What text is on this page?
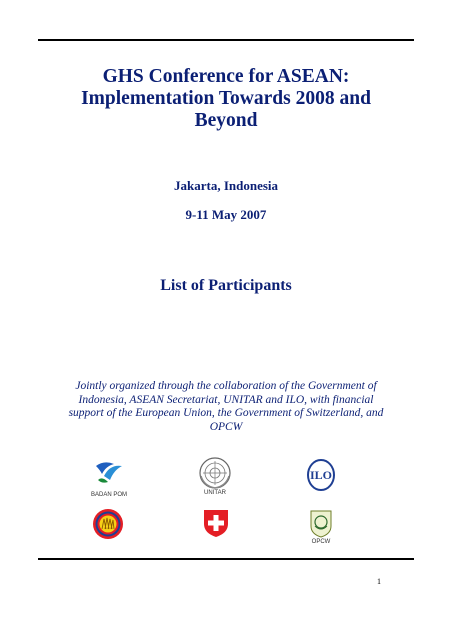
GHS Conference for ASEAN:
Implementation Towards 2008 and
Beyond
Jakarta, Indonesia
9-11 May 2007
List of Participants
Jointly organized through the collaboration of the Government of
Indonesia, ASEAN Secretariat, UNITAR and ILO, with financial
support of the European Union, the Government of Switzerland, and
OPCW
BADAN POM	UNITAR
ILO
OPCW
1
